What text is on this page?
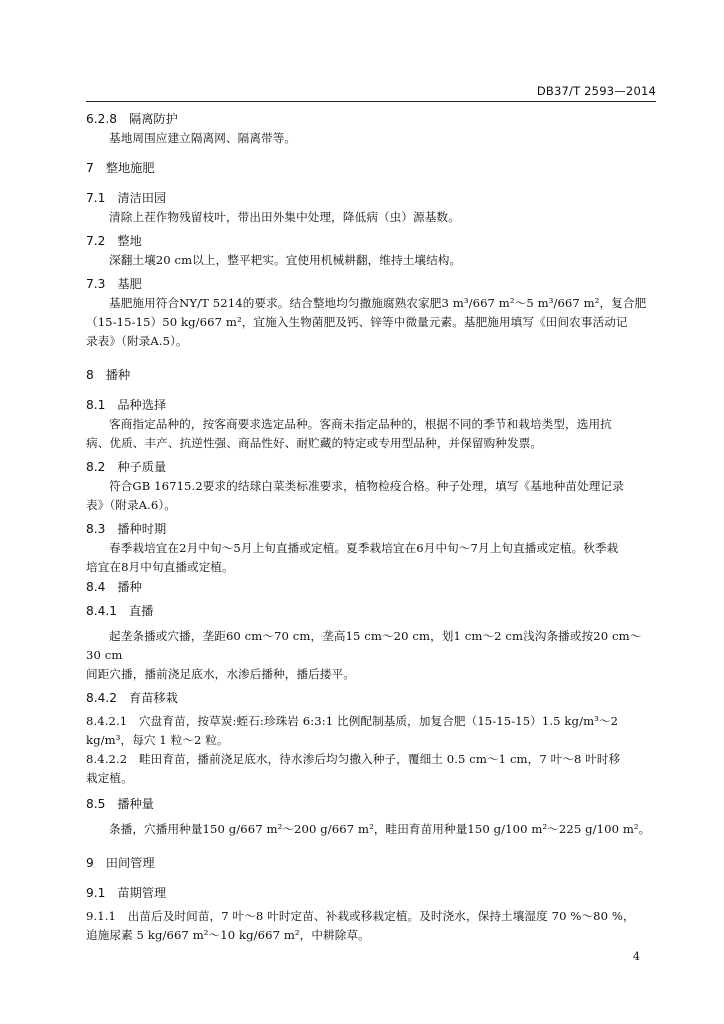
DB37/T 2593—2014
6.2.8 隔离防护
基地周围应建立隔离网、隔离带等。
7 整地施肥
7.1 清洁田园
清除上茬作物残留枝叶，带出田外集中处理，降低病（虫）源基数。
7.2 整地
深翻土壤20 cm以上，整平耙实。宜使用机械耕翻，维持土壤结构。
7.3 基肥
基肥施用符合NY/T 5214的要求。结合整地均匀撒施腐熟农家肥3 m³/667 m²～5 m³/667 m²，复合肥
（15-15-15）50 kg/667 m²，宜施入生物菌肥及钙、锌等中微量元素。基肥施用填写《田间农事活动记
录表》（附录A.5）。
8 播种
8.1 品种选择
客商指定品种的，按客商要求选定品种。客商未指定品种的，根据不同的季节和栽培类型，选用抗
病、优质、丰产、抗逆性强、商品性好、耐贮藏的特定或专用型品种，并保留购种发票。
8.2 种子质量
符合GB 16715.2要求的结球白菜类标准要求，植物检疫合格。种子处理，填写《基地种苗处理记录
表》（附录A.6）。
8.3 播种时期
春季栽培宜在2月中旬～5月上旬直播或定植。夏季栽培宜在6月中旬～7月上旬直播或定植。秋季栽
培宜在8月中旬直播或定植。
8.4 播种
8.4.1 直播
起垄条播或穴播，垄距60 cm～70 cm，垄高15 cm～20 cm，划1 cm～2 cm浅沟条播或按20 cm～30 cm
间距穴播，播前浇足底水，水渗后播种，播后搂平。
8.4.2 育苗移栽
8.4.2.1　穴盘育苗，按草炭:蛭石:珍珠岩 6:3:1 比例配制基质，加复合肥（15-15-15）1.5 kg/m³～2
kg/m³，每穴 1 粒～2 粒。
8.4.2.2　畦田育苗，播前浇足底水，待水渗后均匀撒入种子，覆细土 0.5 cm～1 cm，7 叶～8 叶时移
栽定植。
8.5 播种量
条播，穴播用种量150 g/667 m²～200 g/667 m²，畦田育苗用种量150 g/100 m²～225 g/100 m²。
9 田间管理
9.1 苗期管理
9.1.1　出苗后及时间苗，7 叶～8 叶时定苗、补栽或移栽定植。及时浇水，保持土壤湿度 70 %～80 %，
追施尿素 5 kg/667 m²～10 kg/667 m²，中耕除草。
4
